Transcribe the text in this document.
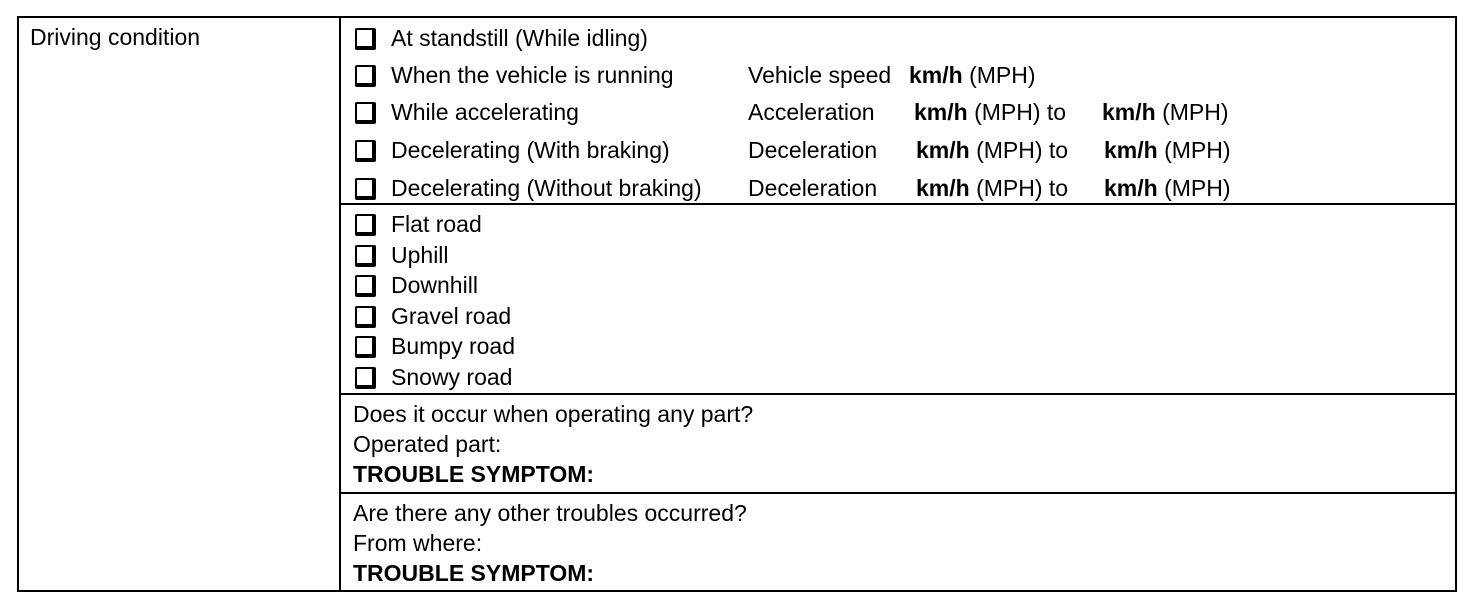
Driving condition	At standstill (While idling)
When the vehicle is running	Vehicle speed km/h (MPH)
While accelerating	Acceleration km/h (MPH) to km/h (MPH)
Decelerating (With braking)	Deceleration km/h (MPH) to km/h (MPH)
Decelerating (Without braking) Deceleration km/h (MPH) to km/h (MPH)
Flat road
Uphill
Downhill
Gravel road
Bumpy road
Snowy road
Does it occur when operating any part?
Operated part:
TROUBLE SYMPTOM:
Are there any other troubles occurred?
From where:
TROUBLE SYMPTOM:
